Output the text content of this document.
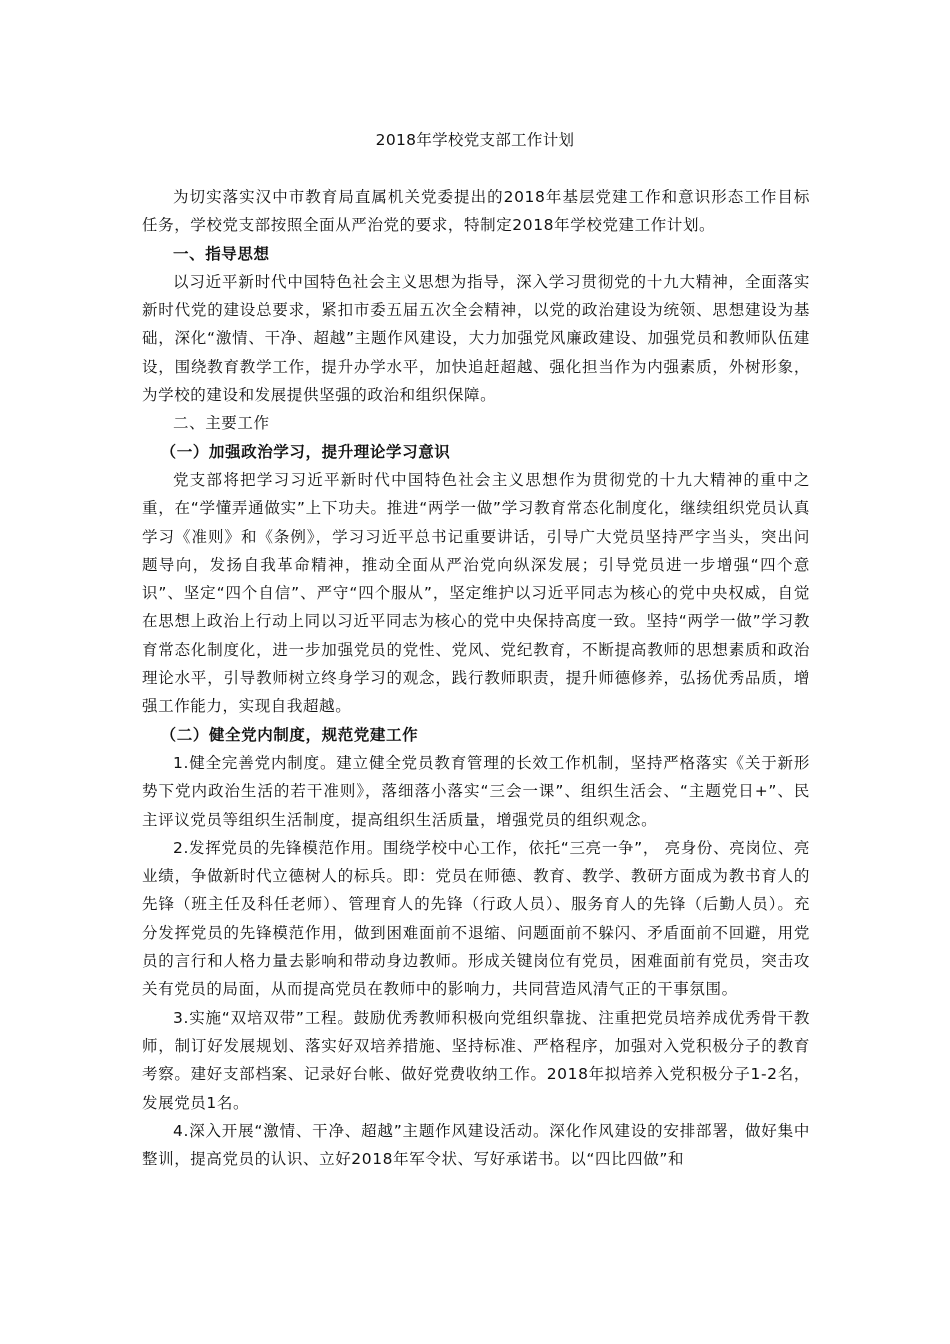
2018年学校党支部工作计划

为切实落实汉中市教育局直属机关党委提出的2018年基层党建工作和意识形态工作目标任务，学校党支部按照全面从严治党的要求，特制定2018年学校党建工作计划。

一、指导思想

以习近平新时代中国特色社会主义思想为指导，深入学习贯彻党的十九大精神，全面落实新时代党的建设总要求，紧扣市委五届五次全会精神，以党的政治建设为统领、思想建设为基础，深化“激情、干净、超越”主题作风建设，大力加强党风廉政建设、加强党员和教师队伍建设，围绕教育教学工作，提升办学水平，加快追赶超越、强化担当作为内强素质，外树形象，为学校的建设和发展提供坚强的政治和组织保障。

二、主要工作

（一）加强政治学习，提升理论学习意识

党支部将把学习习近平新时代中国特色社会主义思想作为贯彻党的十九大精神的重中之重，在“学懂弄通做实”上下功夫。推进“两学一做”学习教育常态化制度化，继续组织党员认真学习《准则》和《条例》，学习习近平总书记重要讲话，引导广大党员坚持严字当头，突出问题导向，发扬自我革命精神，推动全面从严治党向纵深发展；引导党员进一步增强“四个意识”、坚定“四个自信”、严守“四个服从”，坚定维护以习近平同志为核心的党中央权威，自觉在思想上政治上行动上同以习近平同志为核心的党中央保持高度一致。坚持“两学一做”学习教育常态化制度化，进一步加强党员的党性、党风、党纪教育，不断提高教师的思想素质和政治理论水平，引导教师树立终身学习的观念，践行教师职责，提升师德修养，弘扬优秀品质，增强工作能力，实现自我超越。

（二）健全党内制度，规范党建工作

1.健全完善党内制度。建立健全党员教育管理的长效工作机制，坚持严格落实《关于新形势下党内政治生活的若干准则》，落细落小落实“三会一课”、组织生活会、“主题党日+”、民主评议党员等组织生活制度，提高组织生活质量，增强党员的组织观念。

2.发挥党员的先锋模范作用。围绕学校中心工作，依托“三亮一争”， 亮身份、亮岗位、亮业绩，争做新时代立德树人的标兵。即：党员在师德、教育、教学、教研方面成为教书育人的先锋（班主任及科任老师）、管理育人的先锋（行政人员）、服务育人的先锋（后勤人员）。充分发挥党员的先锋模范作用，做到困难面前不退缩、问题面前不躲闪、矛盾面前不回避，用党员的言行和人格力量去影响和带动身边教师。形成关键岗位有党员，困难面前有党员，突击攻关有党员的局面，从而提高党员在教师中的影响力，共同营造风清气正的干事氛围。

3.实施“双培双带”工程。鼓励优秀教师积极向党组织靠拢、注重把党员培养成优秀骨干教师，制订好发展规划、落实好双培养措施、坚持标准、严格程序，加强对入党积极分子的教育考察。建好支部档案、记录好台帐、做好党费收纳工作。2018年拟培养入党积极分子1-2名，发展党员1名。

4.深入开展“激情、干净、超越”主题作风建设活动。深化作风建设的安排部署，做好集中整训，提高党员的认识、立好2018年军令状、写好承诺书。以“四比四做”和
